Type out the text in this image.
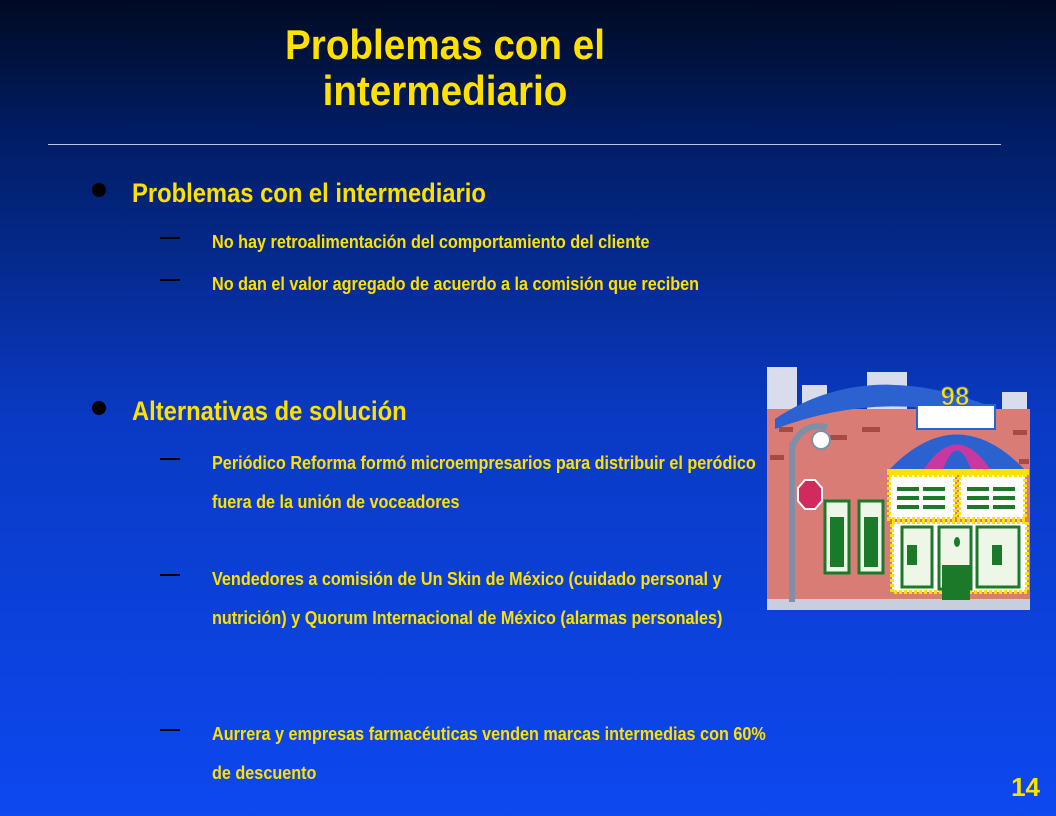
Problemas con el
intermediario
Problemas con el intermediario
No hay retroalimentación del comportamiento del cliente
No dan el valor agregado de acuerdo a la comisión que reciben
Alternativas de solución
Periódico Reforma formó microempresarios para distribuir el peródico fuera de la unión de voceadores
Vendedores a comisión de Un Skin de México (cuidado personal y nutrición) y Quorum Internacional de México (alarmas personales)
Aurrera y empresas farmacéuticas venden marcas intermedias con 60% de descuento
98
14
